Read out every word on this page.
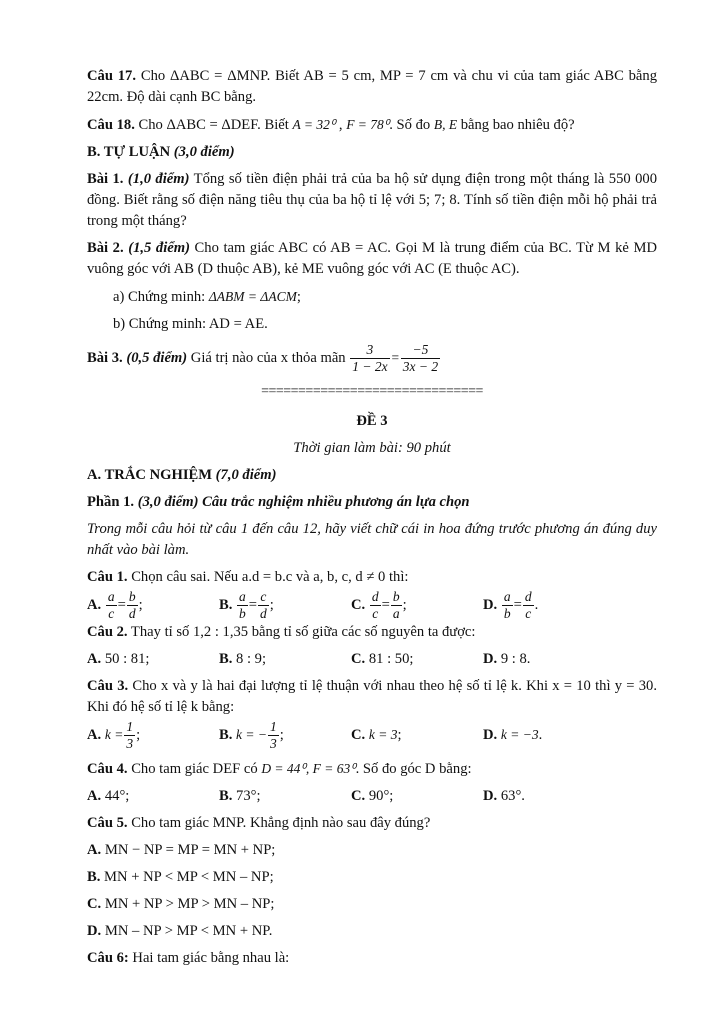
Câu 17. Cho ΔABC = ΔMNP. Biết AB = 5 cm, MP = 7 cm và chu vi của tam giác ABC bằng 22cm. Độ dài cạnh BC bằng.

Câu 18. Cho ΔABC = ΔDEF. Biết A = 32⁰ , F = 78⁰. Số đo B, E bằng bao nhiêu độ?

B. TỰ LUẬN (3,0 điểm)

Bài 1. (1,0 điểm) Tổng số tiền điện phải trả của ba hộ sử dụng điện trong một tháng là 550 000 đồng. Biết rằng số điện năng tiêu thụ của ba hộ tỉ lệ với 5; 7; 8. Tính số tiền điện mỗi hộ phải trả trong một tháng?

Bài 2. (1,5 điểm) Cho tam giác ABC có AB = AC. Gọi M là trung điểm của BC. Từ M kẻ MD vuông góc với AB (D thuộc AB), kẻ ME vuông góc với AC (E thuộc AC).

a) Chứng minh: ΔABM = ΔACM;

b) Chứng minh: AD = AE.

Bài 3. (0,5 điểm) Giá trị nào của x thỏa mãn $\frac{3}{1 - 2x} = \frac{-5}{3x - 2}$

==============================

ĐỀ 3

Thời gian làm bài: 90 phút

A. TRẮC NGHIỆM (7,0 điểm)

Phần 1. (3,0 điểm) Câu trắc nghiệm nhiều phương án lựa chọn

Trong mỗi câu hỏi từ câu 1 đến câu 12, hãy viết chữ cái in hoa đứng trước phương án đúng duy nhất vào bài làm.

Câu 1. Chọn câu sai. Nếu a.d = b.c và a, b, c, d ≠ 0 thì:

A. $\frac{a}{c} = \frac{b}{d}$ ;	B. $\frac{a}{b} = \frac{c}{d}$ ;	C. $\frac{d}{c} = \frac{b}{a}$ ;	D. $\frac{a}{b} = \frac{d}{c}$ .

Câu 2. Thay tỉ số 1,2 : 1,35 bằng tỉ số giữa các số nguyên ta được:

A. 50 : 81;	B. 8 : 9;	C. 81 : 50;	D. 9 : 8.

Câu 3. Cho x và y là hai đại lượng tỉ lệ thuận với nhau theo hệ số tỉ lệ k. Khi x = 10 thì y = 30. Khi đó hệ số tỉ lệ k bằng:

A. $k = \frac{1}{3}$ ;	B. k = − $\frac{1}{3}$ ;	C. k = 3;	D. k = −3.

Câu 4. Cho tam giác DEF có D = 44⁰, F = 63⁰. Số đo góc D bằng:

A. 44°;	B. 73°;	C. 90°;	D. 63°.

Câu 5. Cho tam giác MNP. Khẳng định nào sau đây đúng?

A. MN − NP = MP = MN + NP;

B. MN + NP < MP < MN – NP;

C. MN + NP > MP > MN – NP;

D. MN – NP > MP < MN + NP.

Câu 6: Hai tam giác bằng nhau là:
